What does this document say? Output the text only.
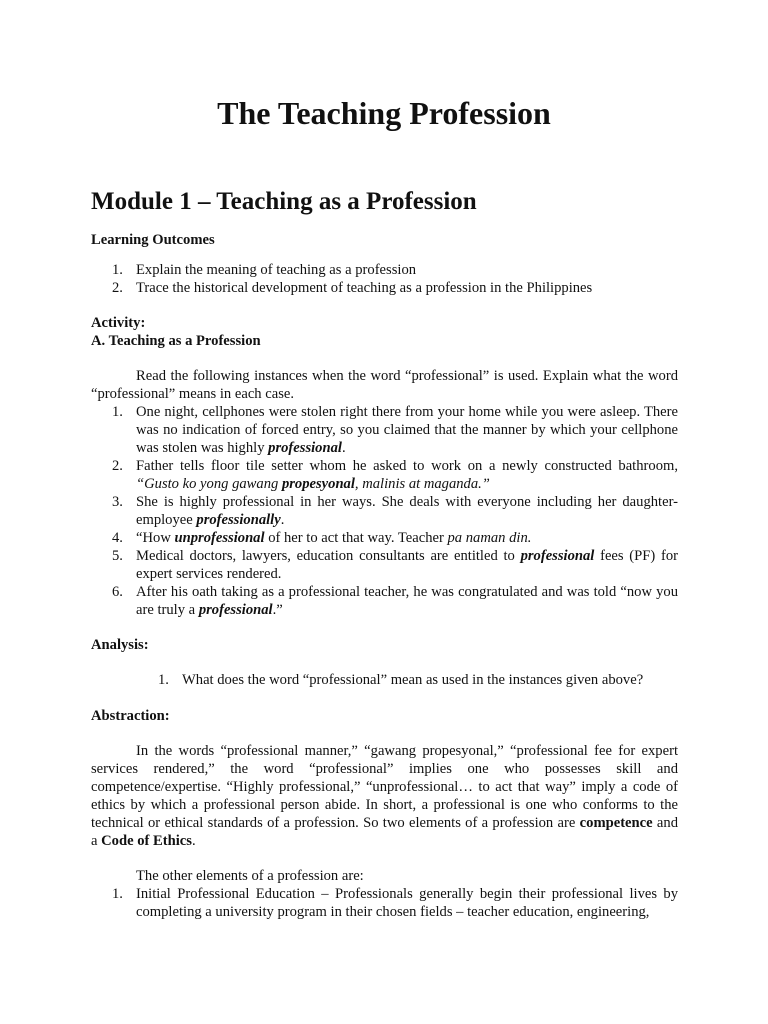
The Teaching Profession
Module 1 – Teaching as a Profession

Learning Outcomes

1. Explain the meaning of teaching as a profession
2. Trace the historical development of teaching as a profession in the Philippines

Activity:

A. Teaching as a Profession

Read the following instances when the word “professional” is used. Explain what the word “professional” means in each case.

1. One night, cellphones were stolen right there from your home while you were asleep. There was no indication of forced entry, so you claimed that the manner by which your cellphone was stolen was highly professional.
2. Father tells floor tile setter whom he asked to work on a newly constructed bathroom, “Gusto ko yong gawang propesyonal, malinis at maganda.”
3. She is highly professional in her ways. She deals with everyone including her daughter-employee professionally.
4. “How unprofessional of her to act that way. Teacher pa naman din.
5. Medical doctors, lawyers, education consultants are entitled to professional fees (PF) for expert services rendered.
6. After his oath taking as a professional teacher, he was congratulated and was told “now you are truly a professional.”

Analysis:

1. What does the word “professional” mean as used in the instances given above?

Abstraction:

In the words “professional manner,” “gawang propesyonal,” “professional fee for expert services rendered,” the word “professional” implies one who possesses skill and competence/expertise. “Highly professional,” “unprofessional… to act that way” imply a code of ethics by which a professional person abide. In short, a professional is one who conforms to the technical or ethical standards of a profession. So two elements of a profession are competence and a Code of Ethics.

The other elements of a profession are:

1. Initial Professional Education – Professionals generally begin their professional lives by completing a university program in their chosen fields – teacher education, engineering,
